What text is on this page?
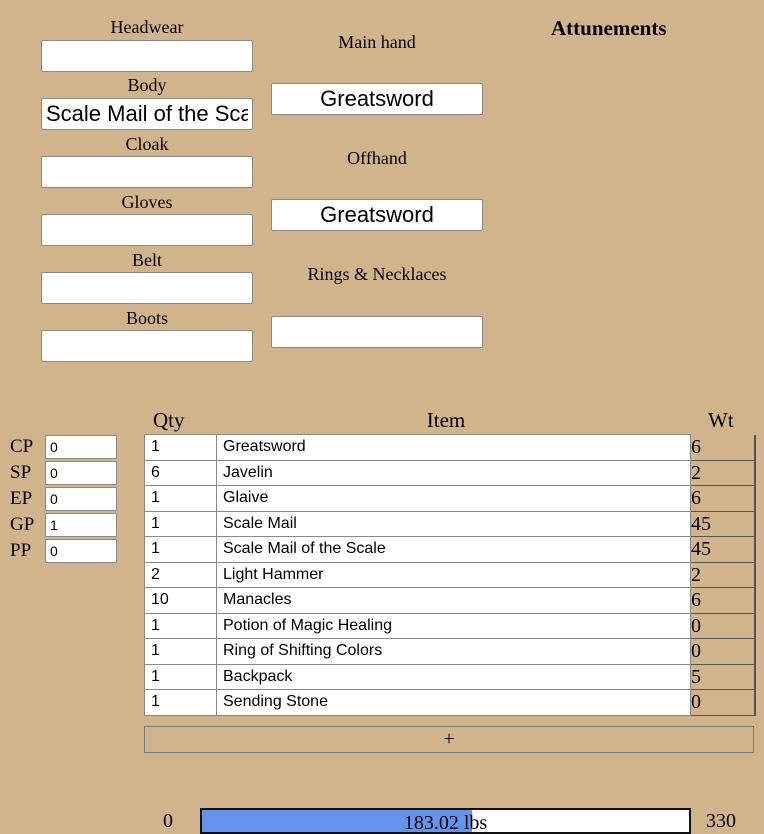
Headwear
Body
Scale Mail of the Scale
Cloak
Gloves
Belt
Boots
Main hand
Greatsword
Offhand
Greatsword
Rings & Necklaces
Attunements
CP
0
SP
0
EP
0
GP
1
PP
0
Qty	Item	Wt
1	Greatsword	6
6	Javelin	2
1	Glaive	6
1	Scale Mail	45
1	Scale Mail of the Scale	45
2	Light Hammer	2
10	Manacles	6
1	Potion of Magic Healing	0
1	Ring of Shifting Colors	0
1	Backpack	5
1	Sending Stone	0
+
0	183.02 lbs	330
